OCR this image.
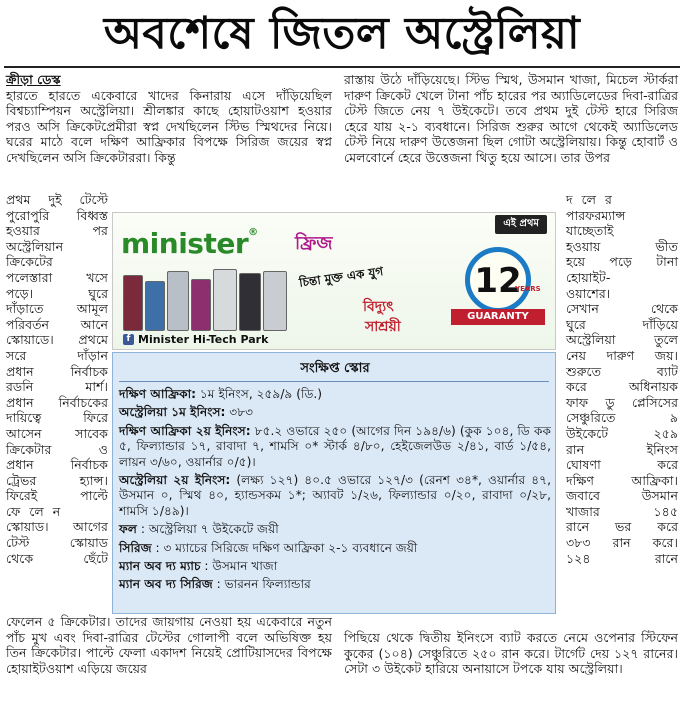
অবশেষে জিতল অস্ট্রেলিয়া

ক্রীড়া ডেস্ক

হারতে হারতে একেবারে খাদের কিনারায় এসে দাঁড়িয়েছিল বিশ্বচ্যাম্পিয়ন অস্ট্রেলিয়া। শ্রীলঙ্কার কাছে হোয়াটওয়াশ হওয়ার পরও অসি ক্রিকেটপ্রেমীরা স্বপ্ন দেখছিলেন স্টিভ স্মিথদের নিয়ে। ঘরের মাঠে বলে দক্ষিণ আফ্রিকার বিপক্ষে সিরিজ জয়ের স্বপ্ন দেখছিলেন অসি ক্রিকেটাররা। কিন্তু

রাস্তায় উঠে দাঁড়িয়েছে। স্টিভ স্মিথ, উসমান খাজা, মিচেল স্টার্করা দারুণ ক্রিকেট খেলে টানা পাঁচ হারের পর অ্যাডিলেডের দিবা-রাত্রির টেস্ট জিতে নেয় ৭ উইকেটে। তবে প্রথম দুই টেস্ট হারে সিরিজ হেরে যায় ২-১ ব্যবধানে। সিরিজ শুরুর আগে থেকেই অ্যাডিলেড টেস্ট নিয়ে দারুণ উত্তেজনা ছিল গোটা অস্ট্রেলিয়ায়। কিন্তু হোবার্ট ও মেলবোর্নে হেরে উত্তেজনা থিতু হয়ে আসে। তার উপর

প্রথম দুই টেস্টে

পুরোপুরি বিধ্বস্ত

হওয়ার পর

অস্ট্রেলিয়ান

ক্রিকেটের

পলেস্তারা খসে

পড়ে। ঘুরে

দাঁড়াতে আমূল

পরিবর্তন আনে

স্কোয়াডে। প্রথমে

সরে দাঁড়ান

প্রধান নির্বাচক

রডনি মার্শ।

প্রধান নির্বাচকের

দায়িত্বে ফিরে

আসেন সাবেক

ক্রিকেটার ও

প্রধান নির্বাচক

ট্রেভর হ্যান্স।

ফিরেই পাল্টে

ফেলেন

স্কোয়াড। আগের

টেস্ট স্কোয়াড

থেকে ছেঁটে

দলের

পারফরম্যান্স

যাচ্ছেতাই

হওয়ায় ভীত

হয়ে পড়ে টানা

হোয়াইট-

ওয়াশের।

সেখান থেকে

ঘুরে দাঁড়িয়ে

অস্ট্রেলিয়া তুলে

নেয় দারুণ জয়।

শুরুতে ব্যাট

করে অধিনায়ক

ফাফ ডু প্লেসিসের

সেঞ্চুরিতে ৯

উইকেটে ২৫৯

রান ইনিংস

ঘোষণা করে

দক্ষিণ আফ্রিকা।

জবাবে উসমান

খাজার ১৪৫

রানে ভর করে

৩৮৩ রান করে।

১২৪ রানে

এই প্রথম
minister®
ফ্রিজ
চিন্তা মুক্ত এক যুগ
বিদ্যুৎ
সাশ্রয়ী
12
YEARS
GUARANTY
f Minister Hi-Tech Park
সংক্ষিপ্ত স্কোর

দক্ষিণ আফ্রিকা: ১ম ইনিংস, ২৫৯/৯ (ডি.)

অস্ট্রেলিয়া ১ম ইনিংস: ৩৮৩

দক্ষিণ আফ্রিকা ২য় ইনিংস: ৮৫.২ ওভারে ২৫০ (আগের দিন ১৯৪/৬) (কুক ১০৪, ডি কক ৫, ফিল্যান্ডার ১৭, রাবাদা ৭, শামসি ০* স্টার্ক ৪/৮০, হেইজেলউড ২/৪১, বার্ড ১/৫৪, লায়ন ৩/৬০, ওয়ার্নার ০/৫)।

অস্ট্রেলিয়া ২য় ইনিংস: (লক্ষ্য ১২৭) ৪০.৫ ওভারে ১২৭/৩ (রেনশ ৩৪*, ওয়ার্নার ৪৭, উসমান ০, স্মিথ ৪০, হ্যান্ডসকম ১*; অ্যাবট ১/২৬, ফিল্যান্ডার ০/২০, রাবাদা ০/২৮, শামসি ১/৪৯)।

ফল : অস্ট্রেলিয়া ৭ উইকেটে জয়ী

সিরিজ : ৩ ম্যাচের সিরিজে দক্ষিণ আফ্রিকা ২-১ ব্যবধানে জয়ী

ম্যান অব দ্য ম্যাচ : উসমান খাজা

ম্যান অব দ্য সিরিজ : ভারনন ফিল্যান্ডার

ফেলেন ৫ ক্রিকেটার। তাদের জায়গায় নেওয়া হয় একেবারে নতুন পাঁচ মুখ এবং দিবা-রাত্রির টেস্টের গোলাপী বলে অভিষিক্ত হয় তিন ক্রিকেটার। পাল্টে ফেলা একাদশ নিয়েই প্রোটিয়াসদের বিপক্ষে হোয়াইটওয়াশ এড়িয়ে জয়ের

পিছিয়ে থেকে দ্বিতীয় ইনিংসে ব্যাট করতে নেমে ওপেনার স্টিফেন কুকের (১০৪) সেঞ্চুরিতে ২৫০ রান করে। টার্গেট দেয় ১২৭ রানের। সেটা ৩ উইকেট হারিয়ে অনায়াসে টপকে যায় অস্ট্রেলিয়া।
